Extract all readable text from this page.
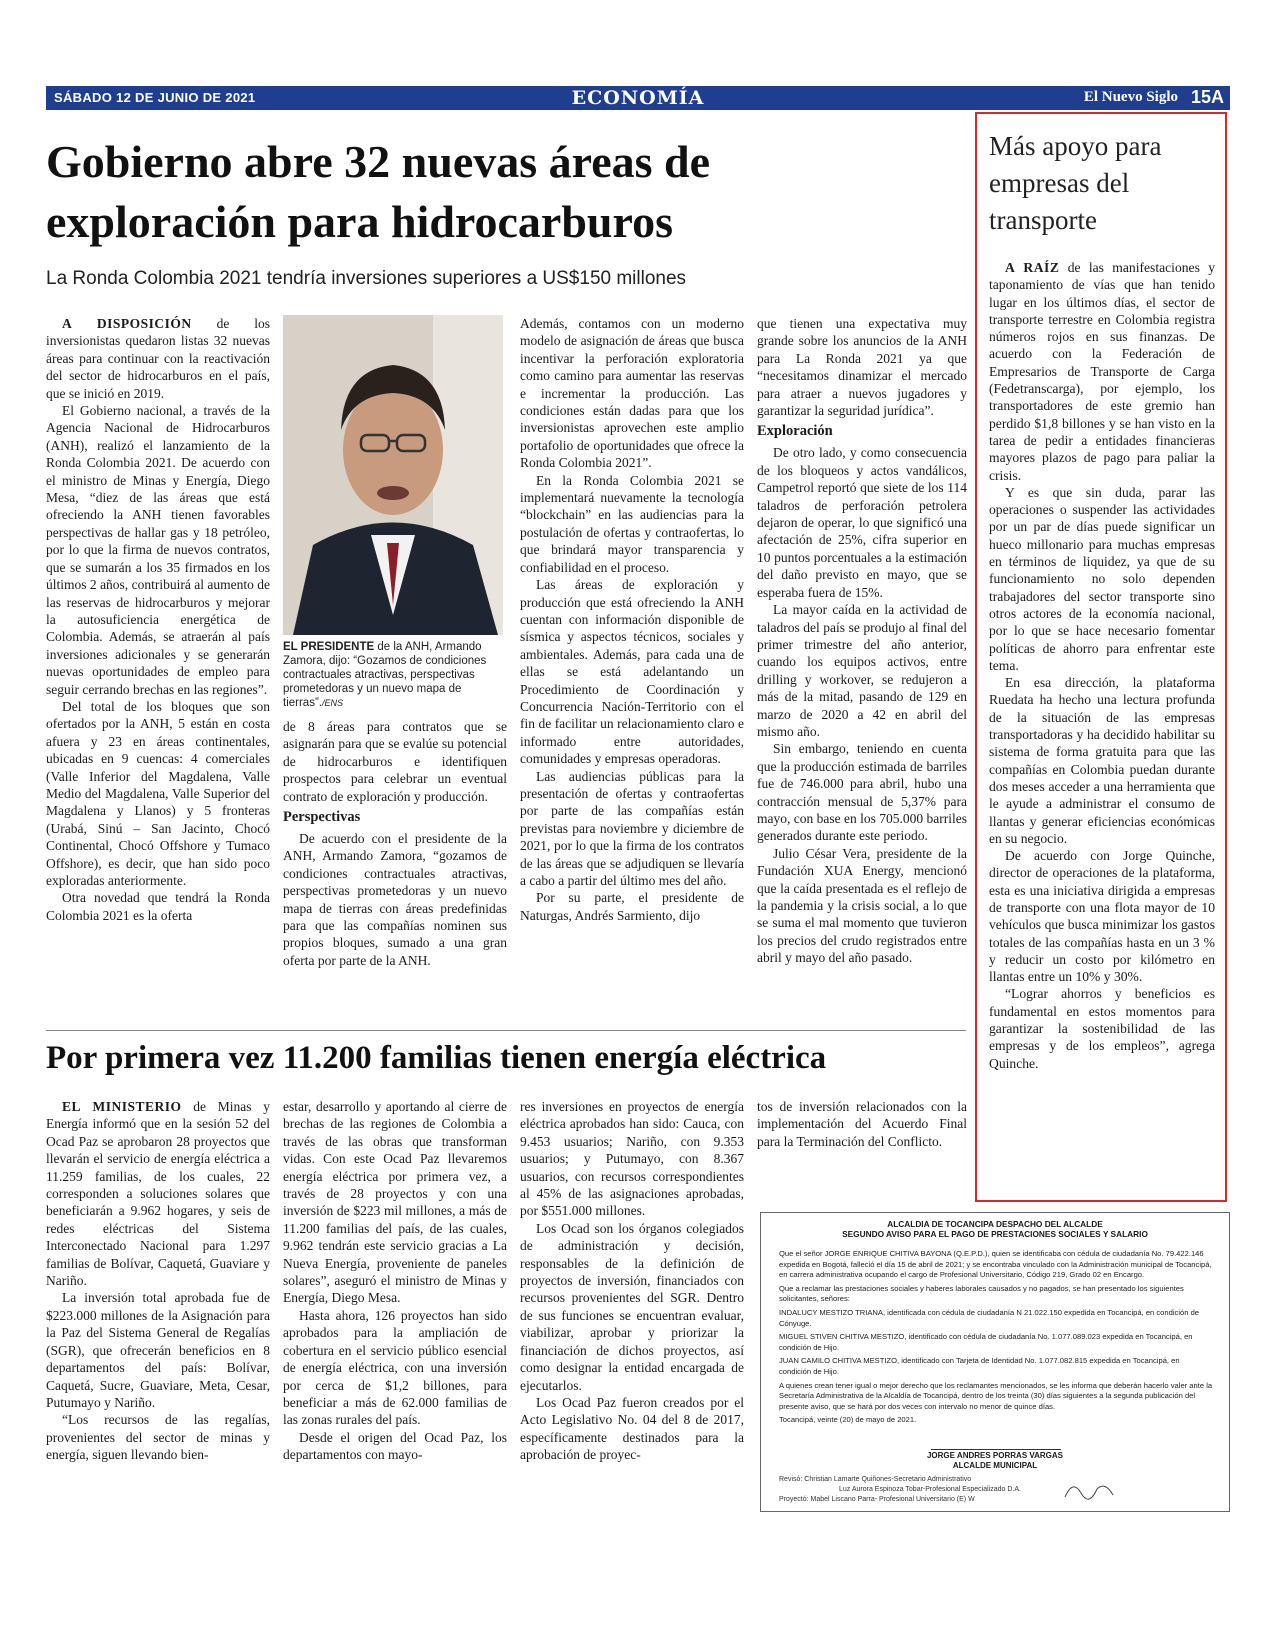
SÁBADO 12 DE JUNIO DE 2021	ECONOMÍA	El Nuevo Siglo 15A
Gobierno abre 32 nuevas áreas de exploración para hidrocarburos

La Ronda Colombia 2021 tendría inversiones superiores a US$150 millones

A DISPOSICIÓN de los inversionistas quedaron listas 32 nuevas áreas para continuar con la reactivación del sector de hidrocarburos en el país, que se inició en 2019.

El Gobierno nacional, a través de la Agencia Nacional de Hidrocarburos (ANH), realizó el lanzamiento de la Ronda Colombia 2021. De acuerdo con el ministro de Minas y Energía, Diego Mesa, “diez de las áreas que está ofreciendo la ANH tienen favorables perspectivas de hallar gas y 18 petróleo, por lo que la firma de nuevos contratos, que se sumarán a los 35 firmados en los últimos 2 años, contribuirá al aumento de las reservas de hidrocarburos y mejorar la autosuficiencia energética de Colombia. Además, se atraerán al país inversiones adicionales y se generarán nuevas oportunidades de empleo para seguir cerrando brechas en las regiones”.

Del total de los bloques que son ofertados por la ANH, 5 están en costa afuera y 23 en áreas continentales, ubicadas en 9 cuencas: 4 comerciales (Valle Inferior del Magdalena, Valle Medio del Magdalena, Valle Superior del Magdalena y Llanos) y 5 fronteras (Urabá, Sinú – San Jacinto, Chocó Continental, Chocó Offshore y Tumaco Offshore), es decir, que han sido poco exploradas anteriormente.

Otra novedad que tendrá la Ronda Colombia 2021 es la oferta

EL PRESIDENTE de la ANH, Armando Zamora, dijo: “Gozamos de condiciones contractuales atractivas, perspectivas prometedoras y un nuevo mapa de tierras”./ENS

de 8 áreas para contratos que se asignarán para que se evalúe su potencial de hidrocarburos e identifiquen prospectos para celebrar un eventual contrato de exploración y producción.

Perspectivas

De acuerdo con el presidente de la ANH, Armando Zamora, “gozamos de condiciones contractuales atractivas, perspectivas prometedoras y un nuevo mapa de tierras con áreas predefinidas para que las compañías nominen sus propios bloques, sumado a una gran oferta por parte de la ANH.

Además, contamos con un moderno modelo de asignación de áreas que busca incentivar la perforación exploratoria como camino para aumentar las reservas e incrementar la producción. Las condiciones están dadas para que los inversionistas aprovechen este amplio portafolio de oportunidades que ofrece la Ronda Colombia 2021”.

En la Ronda Colombia 2021 se implementará nuevamente la tecnología “blockchain” en las audiencias para la postulación de ofertas y contraofertas, lo que brindará mayor transparencia y confiabilidad en el proceso.

Las áreas de exploración y producción que está ofreciendo la ANH cuentan con información disponible de sísmica y aspectos técnicos, sociales y ambientales. Además, para cada una de ellas se está adelantando un Procedimiento de Coordinación y Concurrencia Nación-Territorio con el fin de facilitar un relacionamiento claro e informado entre autoridades, comunidades y empresas operadoras.

Las audiencias públicas para la presentación de ofertas y contraofertas por parte de las compañías están previstas para noviembre y diciembre de 2021, por lo que la firma de los contratos de las áreas que se adjudiquen se llevaría a cabo a partir del último mes del año.

Por su parte, el presidente de Naturgas, Andrés Sarmiento, dijo

que tienen una expectativa muy grande sobre los anuncios de la ANH para La Ronda 2021 ya que “necesitamos dinamizar el mercado para atraer a nuevos jugadores y garantizar la seguridad jurídica”.

Exploración

De otro lado, y como consecuencia de los bloqueos y actos vandálicos, Campetrol reportó que siete de los 114 taladros de perforación petrolera dejaron de operar, lo que significó una afectación de 25%, cifra superior en 10 puntos porcentuales a la estimación del daño previsto en mayo, que se esperaba fuera de 15%.

La mayor caída en la actividad de taladros del país se produjo al final del primer trimestre del año anterior, cuando los equipos activos, entre drilling y workover, se redujeron a más de la mitad, pasando de 129 en marzo de 2020 a 42 en abril del mismo año.

Sin embargo, teniendo en cuenta que la producción estimada de barriles fue de 746.000 para abril, hubo una contracción mensual de 5,37% para mayo, con base en los 705.000 barriles generados durante este periodo.

Julio César Vera, presidente de la Fundación XUA Energy, mencionó que la caída presentada es el reflejo de la pandemia y la crisis social, a lo que se suma el mal momento que tuvieron los precios del crudo registrados entre abril y mayo del año pasado.

Por primera vez 11.200 familias tienen energía eléctrica

EL MINISTERIO de Minas y Energía informó que en la sesión 52 del Ocad Paz se aprobaron 28 proyectos que llevarán el servicio de energía eléctrica a 11.259 familias, de los cuales, 22 corresponden a soluciones solares que beneficiarán a 9.962 hogares, y seis de redes eléctricas del Sistema Interconectado Nacional para 1.297 familias de Bolívar, Caquetá, Guaviare y Nariño.

La inversión total aprobada fue de $223.000 millones de la Asignación para la Paz del Sistema General de Regalías (SGR), que ofrecerán beneficios en 8 departamentos del país: Bolívar, Caquetá, Sucre, Guaviare, Meta, Cesar, Putumayo y Nariño.

“Los recursos de las regalías, provenientes del sector de minas y energía, siguen llevando bien-

estar, desarrollo y aportando al cierre de brechas de las regiones de Colombia a través de las obras que transforman vidas. Con este Ocad Paz llevaremos energía eléctrica por primera vez, a través de 28 proyectos y con una inversión de $223 mil millones, a más de 11.200 familias del país, de las cuales, 9.962 tendrán este servicio gracias a La Nueva Energía, proveniente de paneles solares”, aseguró el ministro de Minas y Energía, Diego Mesa.

Hasta ahora, 126 proyectos han sido aprobados para la ampliación de cobertura en el servicio público esencial de energía eléctrica, con una inversión por cerca de $1,2 billones, para beneficiar a más de 62.000 familias de las zonas rurales del país.

Desde el origen del Ocad Paz, los departamentos con mayo-

res inversiones en proyectos de energía eléctrica aprobados han sido: Cauca, con 9.453 usuarios; Nariño, con 9.353 usuarios; y Putumayo, con 8.367 usuarios, con recursos correspondientes al 45% de las asignaciones aprobadas, por $551.000 millones.

Los Ocad son los órganos colegiados de administración y decisión, responsables de la definición de proyectos de inversión, financiados con recursos provenientes del SGR. Dentro de sus funciones se encuentran evaluar, viabilizar, aprobar y priorizar la financiación de dichos proyectos, así como designar la entidad encargada de ejecutarlos.

Los Ocad Paz fueron creados por el Acto Legislativo No. 04 del 8 de 2017, específicamente destinados para la aprobación de proyec-

tos de inversión relacionados con la implementación del Acuerdo Final para la Terminación del Conflicto.

Más apoyo para empresas del transporte

A RAÍZ de las manifestaciones y taponamiento de vías que han tenido lugar en los últimos días, el sector de transporte terrestre en Colombia registra números rojos en sus finanzas. De acuerdo con la Federación de Empresarios de Transporte de Carga (Fedetranscarga), por ejemplo, los transportadores de este gremio han perdido $1,8 billones y se han visto en la tarea de pedir a entidades financieras mayores plazos de pago para paliar la crisis.

Y es que sin duda, parar las operaciones o suspender las actividades por un par de días puede significar un hueco millonario para muchas empresas en términos de liquidez, ya que de su funcionamiento no solo dependen trabajadores del sector transporte sino otros actores de la economía nacional, por lo que se hace necesario fomentar políticas de ahorro para enfrentar este tema.

En esa dirección, la plataforma Ruedata ha hecho una lectura profunda de la situación de las empresas transportadoras y ha decidido habilitar su sistema de forma gratuita para que las compañías en Colombia puedan durante dos meses acceder a una herramienta que le ayude a administrar el consumo de llantas y generar eficiencias económicas en su negocio.

De acuerdo con Jorge Quinche, director de operaciones de la plataforma, esta es una iniciativa dirigida a empresas de transporte con una flota mayor de 10 vehículos que busca minimizar los gastos totales de las compañías hasta en un 3 % y reducir un costo por kilómetro en llantas entre un 10% y 30%.

“Lograr ahorros y beneficios es fundamental en estos momentos para garantizar la sostenibilidad de las empresas y de los empleos”, agrega Quinche.

ALCALDIA DE TOCANCIPA DESPACHO DEL ALCALDE
SEGUNDO AVISO PARA EL PAGO DE PRESTACIONES SOCIALES Y SALARIO

Que el señor JORGE ENRIQUE CHITIVA BAYONA (Q.E.P.D.), quien se identificaba con cédula de ciudadanía No. 79.422.146 expedida en Bogotá, falleció el día 15 de abril de 2021; y se encontraba vinculado con la Administración municipal de Tocancipá, en carrera administrativa ocupando el cargo de Profesional Universitario, Código 219, Grado 02 en Encargo.

Que a reclamar las prestaciones sociales y haberes laborales causados y no pagados, se han presentado los siguientes solicitantes, señores:

INDALUCY MESTIZO TRIANA, identificada con cédula de ciudadanía N 21.022.150 expedida en Tocancipá, en condición de Cónyuge.

MIGUEL STIVEN CHITIVA MESTIZO, identificado con cédula de ciudadanía No. 1.077.089.023 expedida en Tocancipá, en condición de Hijo.

JUAN CAMILO CHITIVA MESTIZO, identificado con Tarjeta de Identidad No. 1.077.082.815 expedida en Tocancipá, en condición de Hijo.

A quienes crean tener igual o mejor derecho que los reclamantes mencionados, se les informa que deberán hacerlo valer ante la Secretaría Administrativa de la Alcaldía de Tocancipá, dentro de los treinta (30) días siguientes a la segunda publicación del presente aviso, que se hará por dos veces con intervalo no menor de quince días.

Tocancipá, veinte (20) de mayo de 2021.

JORGE ANDRES PORRAS VARGAS
ALCALDE MUNICIPAL
Revisó: Christian Lamarte Quiñones-Secretario Administrativo
Luz Aurora Espinoza Tobar-Profesional Especializado D.A.
Proyectó: Mabel Liscano Parra- Profesional Universitario (E) W
